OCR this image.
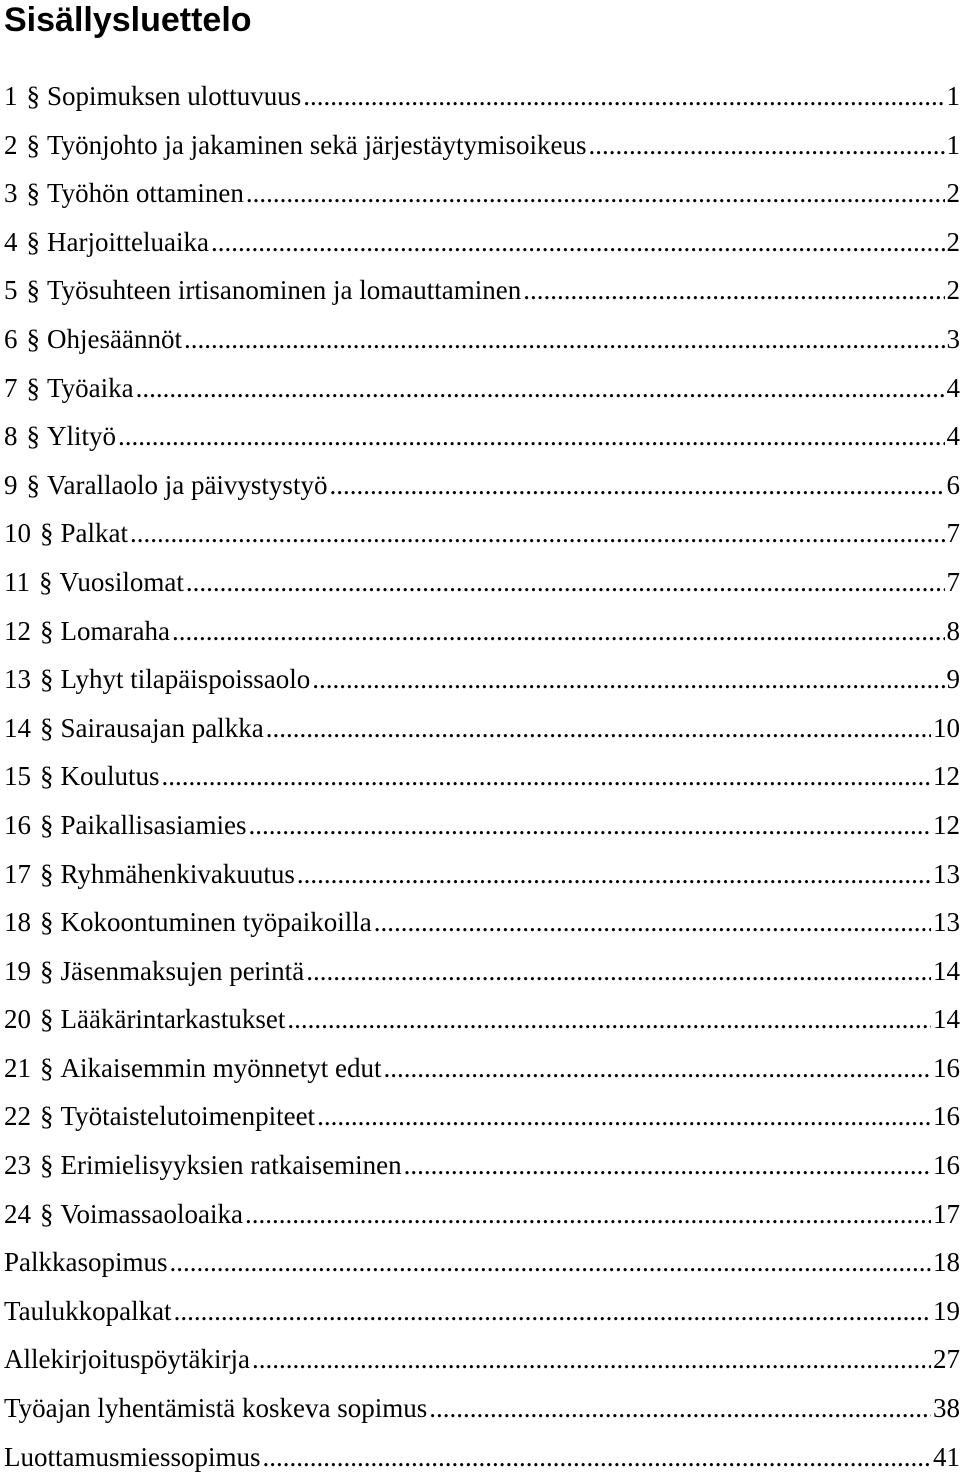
Sisällysluettelo
1 § Sopimuksen ulottuvuus .....	1
2 § Työnjohto ja jakaminen sekä järjestäytymisoikeus .....	1
3 § Työhön ottaminen .....	2
4 § Harjoitteluaika .....	2
5 § Työsuhteen irtisanominen ja lomauttaminen .....	2
6 § Ohjesäännöt .....	3
7 § Työaika .....	4
8 § Ylityö .....	4
9 § Varallaolo ja päivystystyö .....	6
10 § Palkat .....	7
11 § Vuosilomat .....	7
12 § Lomaraha .....	8
13 § Lyhyt tilapäispoissaolo .....	9
14 § Sairausajan palkka .....	10
15 § Koulutus .....	12
16 § Paikallisasiamies .....	12
17 § Ryhmähenkivakuutus .....	13
18 § Kokoontuminen työpaikoilla .....	13
19 § Jäsenmaksujen perintä .....	14
20 § Lääkärintarkastukset .....	14
21 § Aikaisemmin myönnetyt edut .....	16
22 § Työtaistelutoimenpiteet .....	16
23 § Erimielisyyksien ratkaiseminen .....	16
24 § Voimassaoloaika .....	17
Palkkasopimus .....	18
Taulukkopalkat .....	19
Allekirjoituspöytäkirja .....	27
Työajan lyhentämistä koskeva sopimus .....	38
Luottamusmiessopimus .....	41
